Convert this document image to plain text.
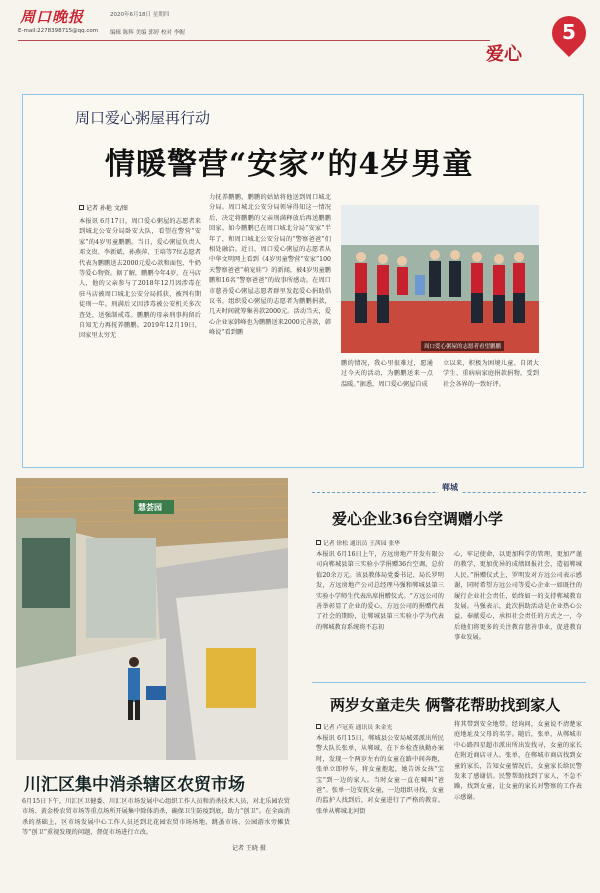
周口晚报	2020年6月18日 星期四
E-mail:2278398715@qq.com 编辑 陈辉 美编 郭婷 校对 李帽
爱心
5
周口爱心粥屋再行动
情暖警营“安家”的4岁男童
记者 孙艳 文/图
本报讯 6月17日，周口爱心粥屋的志愿者来到城北公安分局卧安大队，看望在警营“安家”的4岁男童鹏鹏。当日，爱心粥屋负责人邓文贵、李新斌、孙燕萍、王培等7位志愿者代表为鹏鹏送去2000元爱心款和面包、牛奶等爱心物资。据了解，鹏鹏今年4岁，在马店人，他的父亲参与了2018年12月因涉毒在驻马店被周口城北公安分局抓获，被判有期徒刑一年。刑满后又因涉毒被公安机关多次查处，送强制戒毒。鹏鹏的母亲刑事拘留后自知无力再抚养鹏鹏。2019年12月19日，因家里太穷无
力抚养鹏鹏，鹏鹏的姑姑将他送到周口城北分局。周口城北公安分局领导得知这一情况后，决定将鹏鹏的父亲刑满释放后再送鹏鹏回家。如今鹏鹏已在周口城北分局“安家”半年了，和周口城北公安分局的“警察爸爸”们相处融洽。近日，周口爱心粥屋的志愿者从中华文明网上看到《4岁男童警营“安家”100天警察爸爸“萌宠娃”》的新闻，被4岁男童鹏鹏和16名“警察爸爸”的故事所感动。在周口市慈善爱心粥屋志愿者群里发起爱心捐助倡议书，组织爱心粥屋的志愿者为鹏鹏捐款，几天时间就筹集善款2000元。活动当天，爱心企业家韩峰也为鹏鹏送来2000元善款，韩峰说“看到鹏
周口爱心粥屋的志愿者看望鹏鹏
鹏的情况，我心里很难过，愿通过今天的活动，为鹏鹏送来一点温暖。”据悉，周口爱心粥屋自成
立以来，积极为困境儿童、自闭大学生、重病病家庭捐款捐物，受到社会各界的一致好评。
慧荟园
川汇区集中消杀辖区农贸市场
6月15日下午，川汇区卫健委、川汇区市场发展中心组织工作人员和消杀技术人员，对北乐园农贸市场、黄金桥农贸市场等重点场所开展集中除体消杀，确保卫生防疫到底，助力“创卫”。在全面消杀的基础上，区市场发展中心工作人员还到北花园农贸市场场地，跳蚤市场、公园游水旁摊货等“创卫”重视发现的问题，督促市场进行立改。
记者 王晓 摄
郸城
爱心企业36台空调赠小学
记者 徐松 通讯员 王茜园 张华
本报讯 6月16日上午，方远房地产开发有限公司向郸城县第三实验小学捐赠36台空调，总价值20余万元。该县教体局党委书记、局长罗明发，方远房地产公司总经理马强和郸城县第三实验小学师生代表出席捐赠仪式。“方远公司的善举彰显了企业的爱心，方远公司的捐赠代表了社会的期盼，让郸城县第三实验小学为代表的郸城教育系统将不忘初
心，牢记使命，以更加科学的管理、更加严谨的教学，更加优异的成绩回报社会，造福郸城人民。”捐赠仪式上，罗明发对方远公司表示感谢，同时希望方远公司等爱心企业一如既往的履行企业社会责任，始终如一的支持郸城教育发展。马强表示，此次捐助活动是企业热心公益、奉献爱心，承担社会责任的方式之一，今后他们将更多的关注教育慈善事业，促进教育事业发展。
两岁女童走失 俩警花帮助找到家人
记者 卢冠英 通讯员 朱金光
本报讯 6月15日，郸城县公安局城郊派出所民警大队长张单，从郸城，在下乡检查执勤办案时，发现一个两岁左右的女童在路中间奔跑，张单立即停车，将女童抱起，她告诉女孩“宝宝”到一边的家人。当时女童一直在喊叫“爸爸”。张单一边安抚女童，一边组织寻找，女童的监护人找到后，对女童进行了严格的教育。张单从郸城北河街
将其带到安全地带。经询问，女童说不清楚家庭地址及父母的名字。随后，张单，从郸城市中心路四星超市派出所出发找寻，女童的家长在附近商店寻人。张单，在郸城市商店找到女童的家长，告知女童情况后，女童家长给民警发来了感谢信。民警帮助找到了家人，不急不躁，找到女童，让女童的家长对警察的工作表示感谢。
